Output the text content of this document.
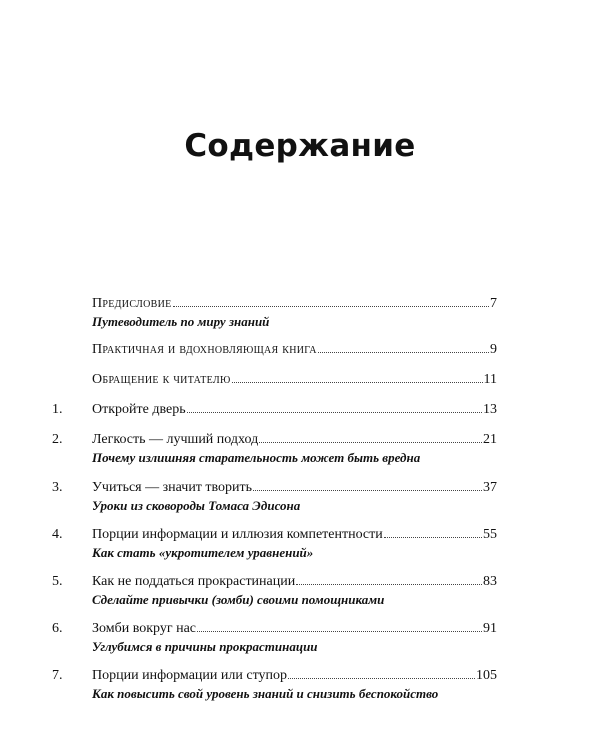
Содержание
Предисловие	7
Путеводитель по миру знаний
Практичная и вдохновляющая книга	9
Обращение к читателю	11
1.	Откройте дверь	13
2.	Легкость — лучший подход	21
Почему излишняя старательность может быть вредна
3.	Учиться — значит творить	37
Уроки из сковороды Томаса Эдисона
4.	Порции информации и иллюзия компетентности	55
Как стать «укротителем уравнений»
5.	Как не поддаться прокрастинации	83
Сделайте привычки (зомби) своими помощниками
6.	Зомби вокруг нас	91
Углубимся в причины прокрастинации
7.	Порции информации или ступор	105
Как повысить свой уровень знаний и снизить беспокойство
